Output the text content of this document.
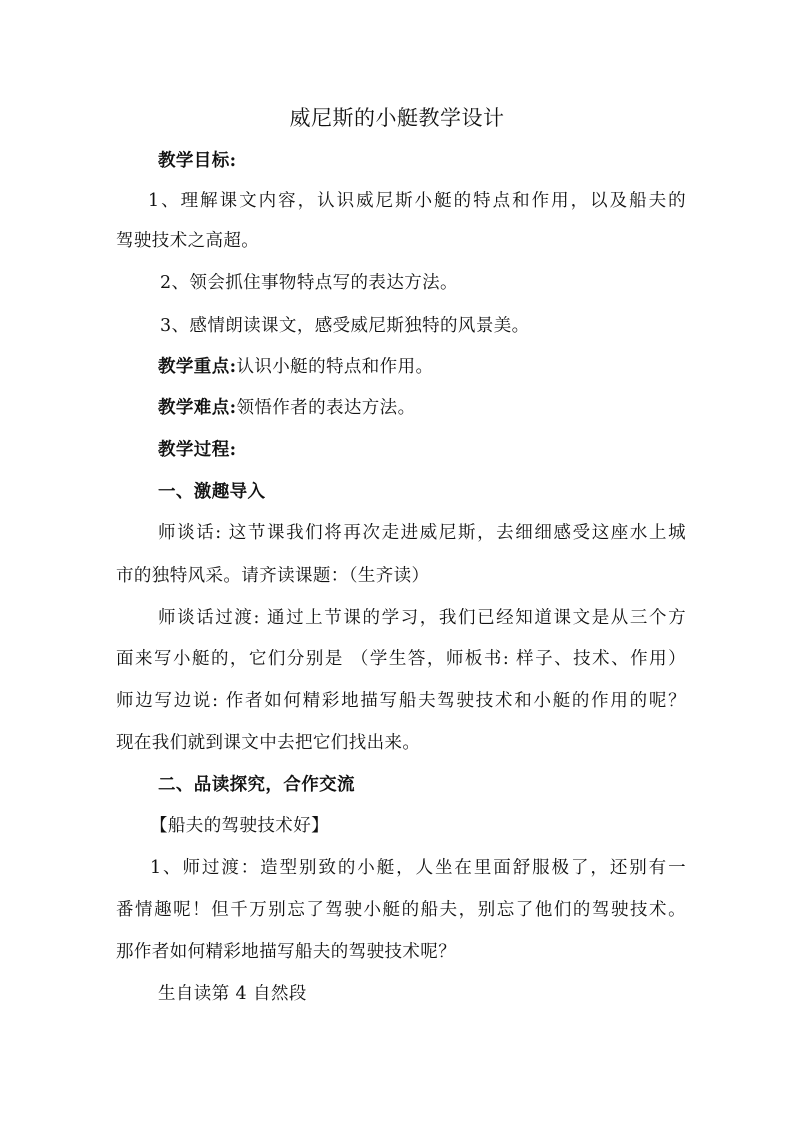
威尼斯的小艇教学设计
教学目标:
1、理解课文内容，认识威尼斯小艇的特点和作用，以及船夫的
驾驶技术之高超。
2、领会抓住事物特点写的表达方法。
3、感情朗读课文，感受威尼斯独特的风景美。
教学重点:认识小艇的特点和作用。
教学难点:领悟作者的表达方法。
教学过程:
一、激趣导入
师谈话: 这节课我们将再次走进威尼斯，去细细感受这座水上城
市的独特风采。请齐读课题：（生齐读）
师谈话过渡: 通过上节课的学习，我们已经知道课文是从三个方
面来写小艇的，它们分别是 （学生答，师板书: 样子、技术、作用）
师边写边说: 作者如何精彩地描写船夫驾驶技术和小艇的作用的呢？
现在我们就到课文中去把它们找出来。
二、品读探究，合作交流
【船夫的驾驶技术好】
1、师过渡：造型别致的小艇，人坐在里面舒服极了，还别有一
番情趣呢！但千万别忘了驾驶小艇的船夫，别忘了他们的驾驶技术。
那作者如何精彩地描写船夫的驾驶技术呢？
生自读第 4 自然段
